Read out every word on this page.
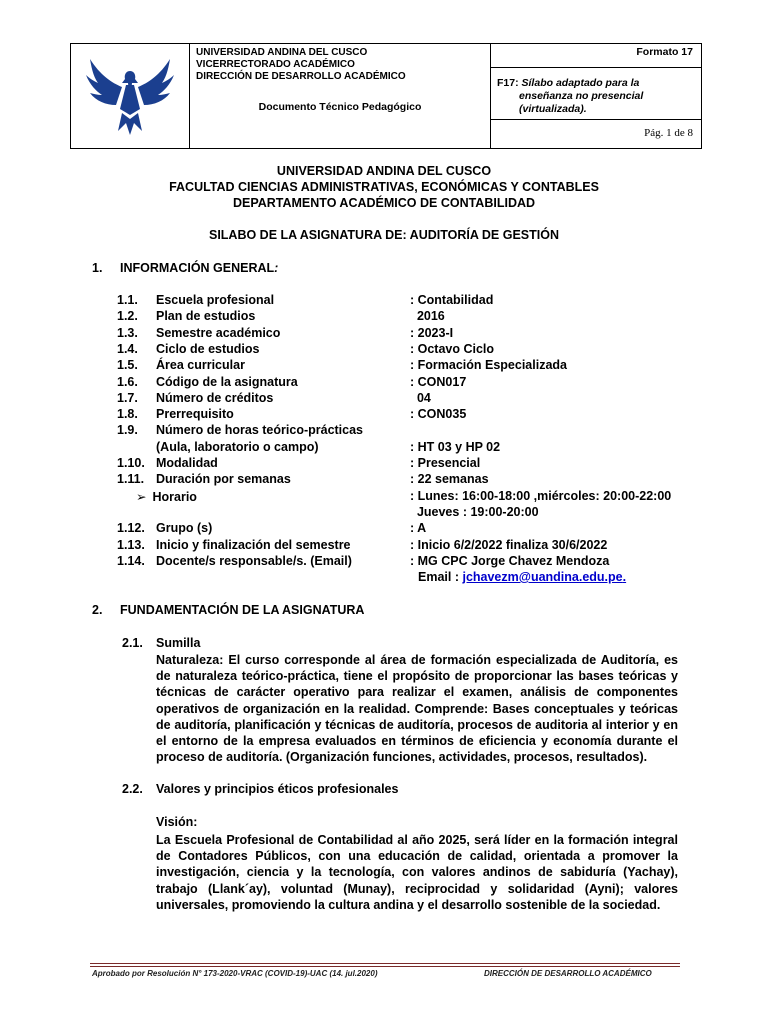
UNIVERSIDAD ANDINA DEL CUSCO
VICERRECTORADO ACADÉMICO
DIRECCIÓN DE DESARROLLO ACADÉMICO
Documento Técnico Pedagógico
Formato 17
F17: Sílabo adaptado para la
enseñanza no presencial
(virtualizada).
Pág. 1 de 8
UNIVERSIDAD ANDINA DEL CUSCO
FACULTAD CIENCIAS ADMINISTRATIVAS, ECONÓMICAS Y CONTABLES
DEPARTAMENTO ACADÉMICO DE CONTABILIDAD
SILABO DE LA ASIGNATURA DE: AUDITORÍA DE GESTIÓN
1. INFORMACIÓN GENERAL:
1.1. Escuela profesional	: Contabilidad
1.2. Plan de estudios	2016
1.3. Semestre académico	: 2023-I
1.4. Ciclo de estudios	: Octavo Ciclo
1.5. Área curricular	: Formación Especializada
1.6. Código de la asignatura	: CON017
1.7. Número de créditos	04
1.8. Prerrequisito	: CON035
1.9. Número de horas teórico-prácticas
(Aula, laboratorio o campo)	: HT 03 y HP 02
1.10. Modalidad	: Presencial
1.11. Duración por semanas	: 22 semanas
➢ Horario	: Lunes: 16:00-18:00 ,miércoles: 20:00-22:00
Jueves : 19:00-20:00
1.12. Grupo (s)	: A
1.13. Inicio y finalización del semestre	: Inicio 6/2/2022 finaliza 30/6/2022
1.14. Docente/s responsable/s. (Email)	: MG CPC Jorge Chavez Mendoza
Email : jchavezm@uandina.edu.pe.
2. FUNDAMENTACIÓN DE LA ASIGNATURA
2.1. Sumilla
Naturaleza: El curso corresponde al área de formación especializada de Auditoría, es de naturaleza teórico-práctica, tiene el propósito de proporcionar las bases teóricas y técnicas de carácter operativo para realizar el examen, análisis de componentes operativos de organización en la realidad. Comprende: Bases conceptuales y teóricas de auditoría, planificación y técnicas de auditoría, procesos de auditoria al interior y en el entorno de la empresa evaluados en términos de eficiencia y economía durante el proceso de auditoría. (Organización funciones, actividades, procesos, resultados).
2.2. Valores y principios éticos profesionales
Visión:
La Escuela Profesional de Contabilidad al año 2025, será líder en la formación integral de Contadores Públicos, con una educación de calidad, orientada a promover la investigación, ciencia y la tecnología, con valores andinos de sabiduría (Yachay), trabajo (Llank´ay), voluntad (Munay), reciprocidad y solidaridad (Ayni); valores universales, promoviendo la cultura andina y el desarrollo sostenible de la sociedad.
Aprobado por Resolución N° 173-2020-VRAC (COVID-19)-UAC (14. jul.2020)	DIRECCIÓN DE DESARROLLO ACADÉMICO
